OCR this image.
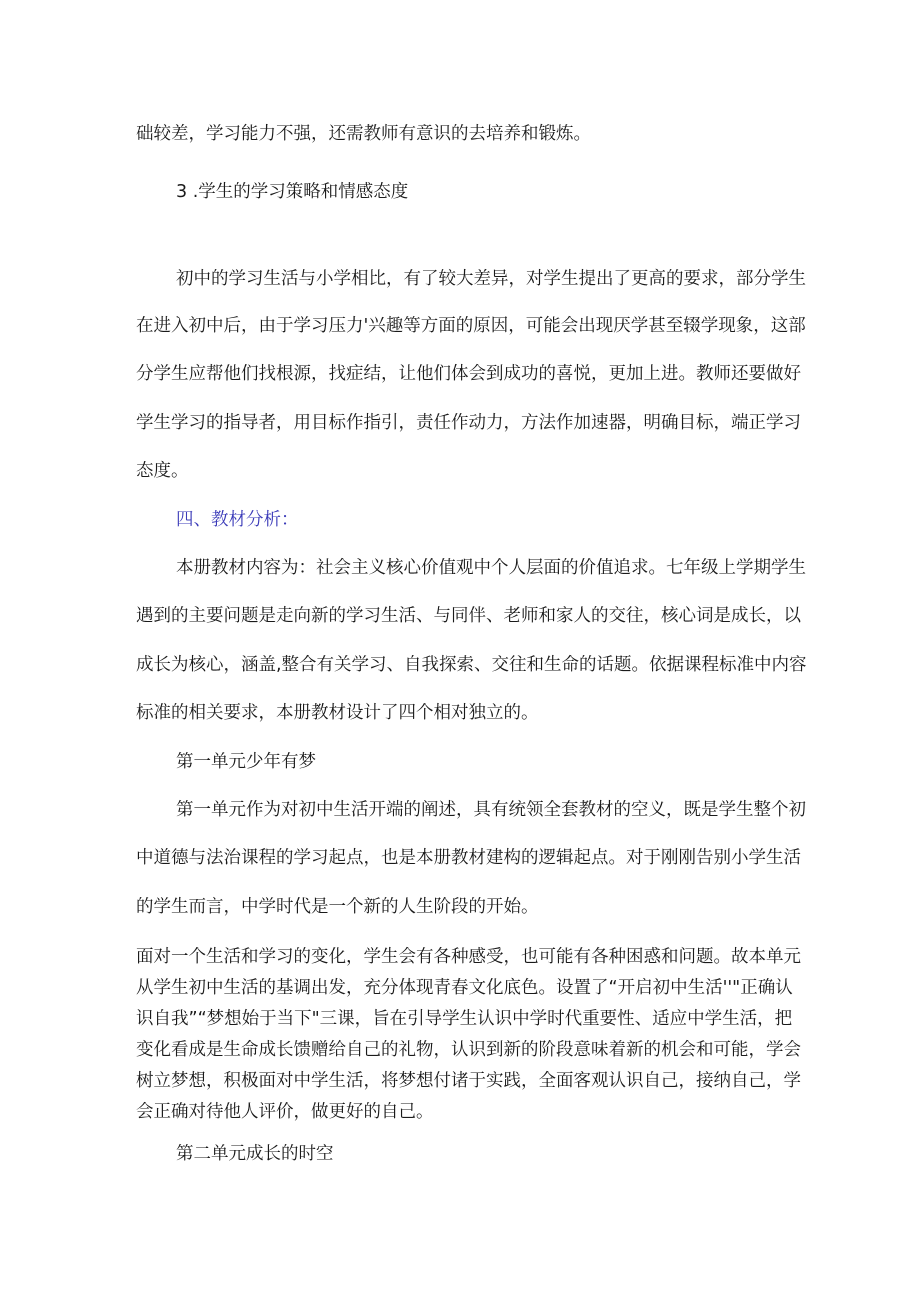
础较差，学习能力不强，还需教师有意识的去培养和锻炼。
3 .学生的学习策略和情感态度
初中的学习生活与小学相比，有了较大差异，对学生提出了更高的要求，部分学生
在进入初中后，由于学习压力'兴趣等方面的原因，可能会出现厌学甚至辍学现象，这部
分学生应帮他们找根源，找症结，让他们体会到成功的喜悦，更加上进。教师还要做好
学生学习的指导者，用目标作指引，责任作动力，方法作加速器，明确目标，端正学习
态度。
四、教材分析：
本册教材内容为：社会主义核心价值观中个人层面的价值追求。七年级上学期学生
遇到的主要问题是走向新的学习生活、与同伴、老师和家人的交往，核心词是成长，以
成长为核心，涵盖,整合有关学习、自我探索、交往和生命的话题。依据课程标准中内容
标准的相关要求，本册教材设计了四个相对独立的。
第一单元少年有梦
第一单元作为对初中生活开端的阐述，具有统领全套教材的空义，既是学生整个初
中道德与法治课程的学习起点，也是本册教材建构的逻辑起点。对于刚刚告别小学生活
的学生而言，中学时代是一个新的人生阶段的开始。
面对一个生活和学习的变化，学生会有各种感受，也可能有各种困惑和问题。故本单元
从学生初中生活的基调出发，充分体现青春文化底色。设置了“开启初中生活''"正确认
识自我”“梦想始于当下"三课，旨在引导学生认识中学时代重要性、适应中学生活，把
变化看成是生命成长馈赠给自己的礼物，认识到新的阶段意味着新的机会和可能，学会
树立梦想，积极面对中学生活，将梦想付诸于实践，全面客观认识自己，接纳自己，学
会正确对待他人评价，做更好的自己。
第二单元成长的时空
